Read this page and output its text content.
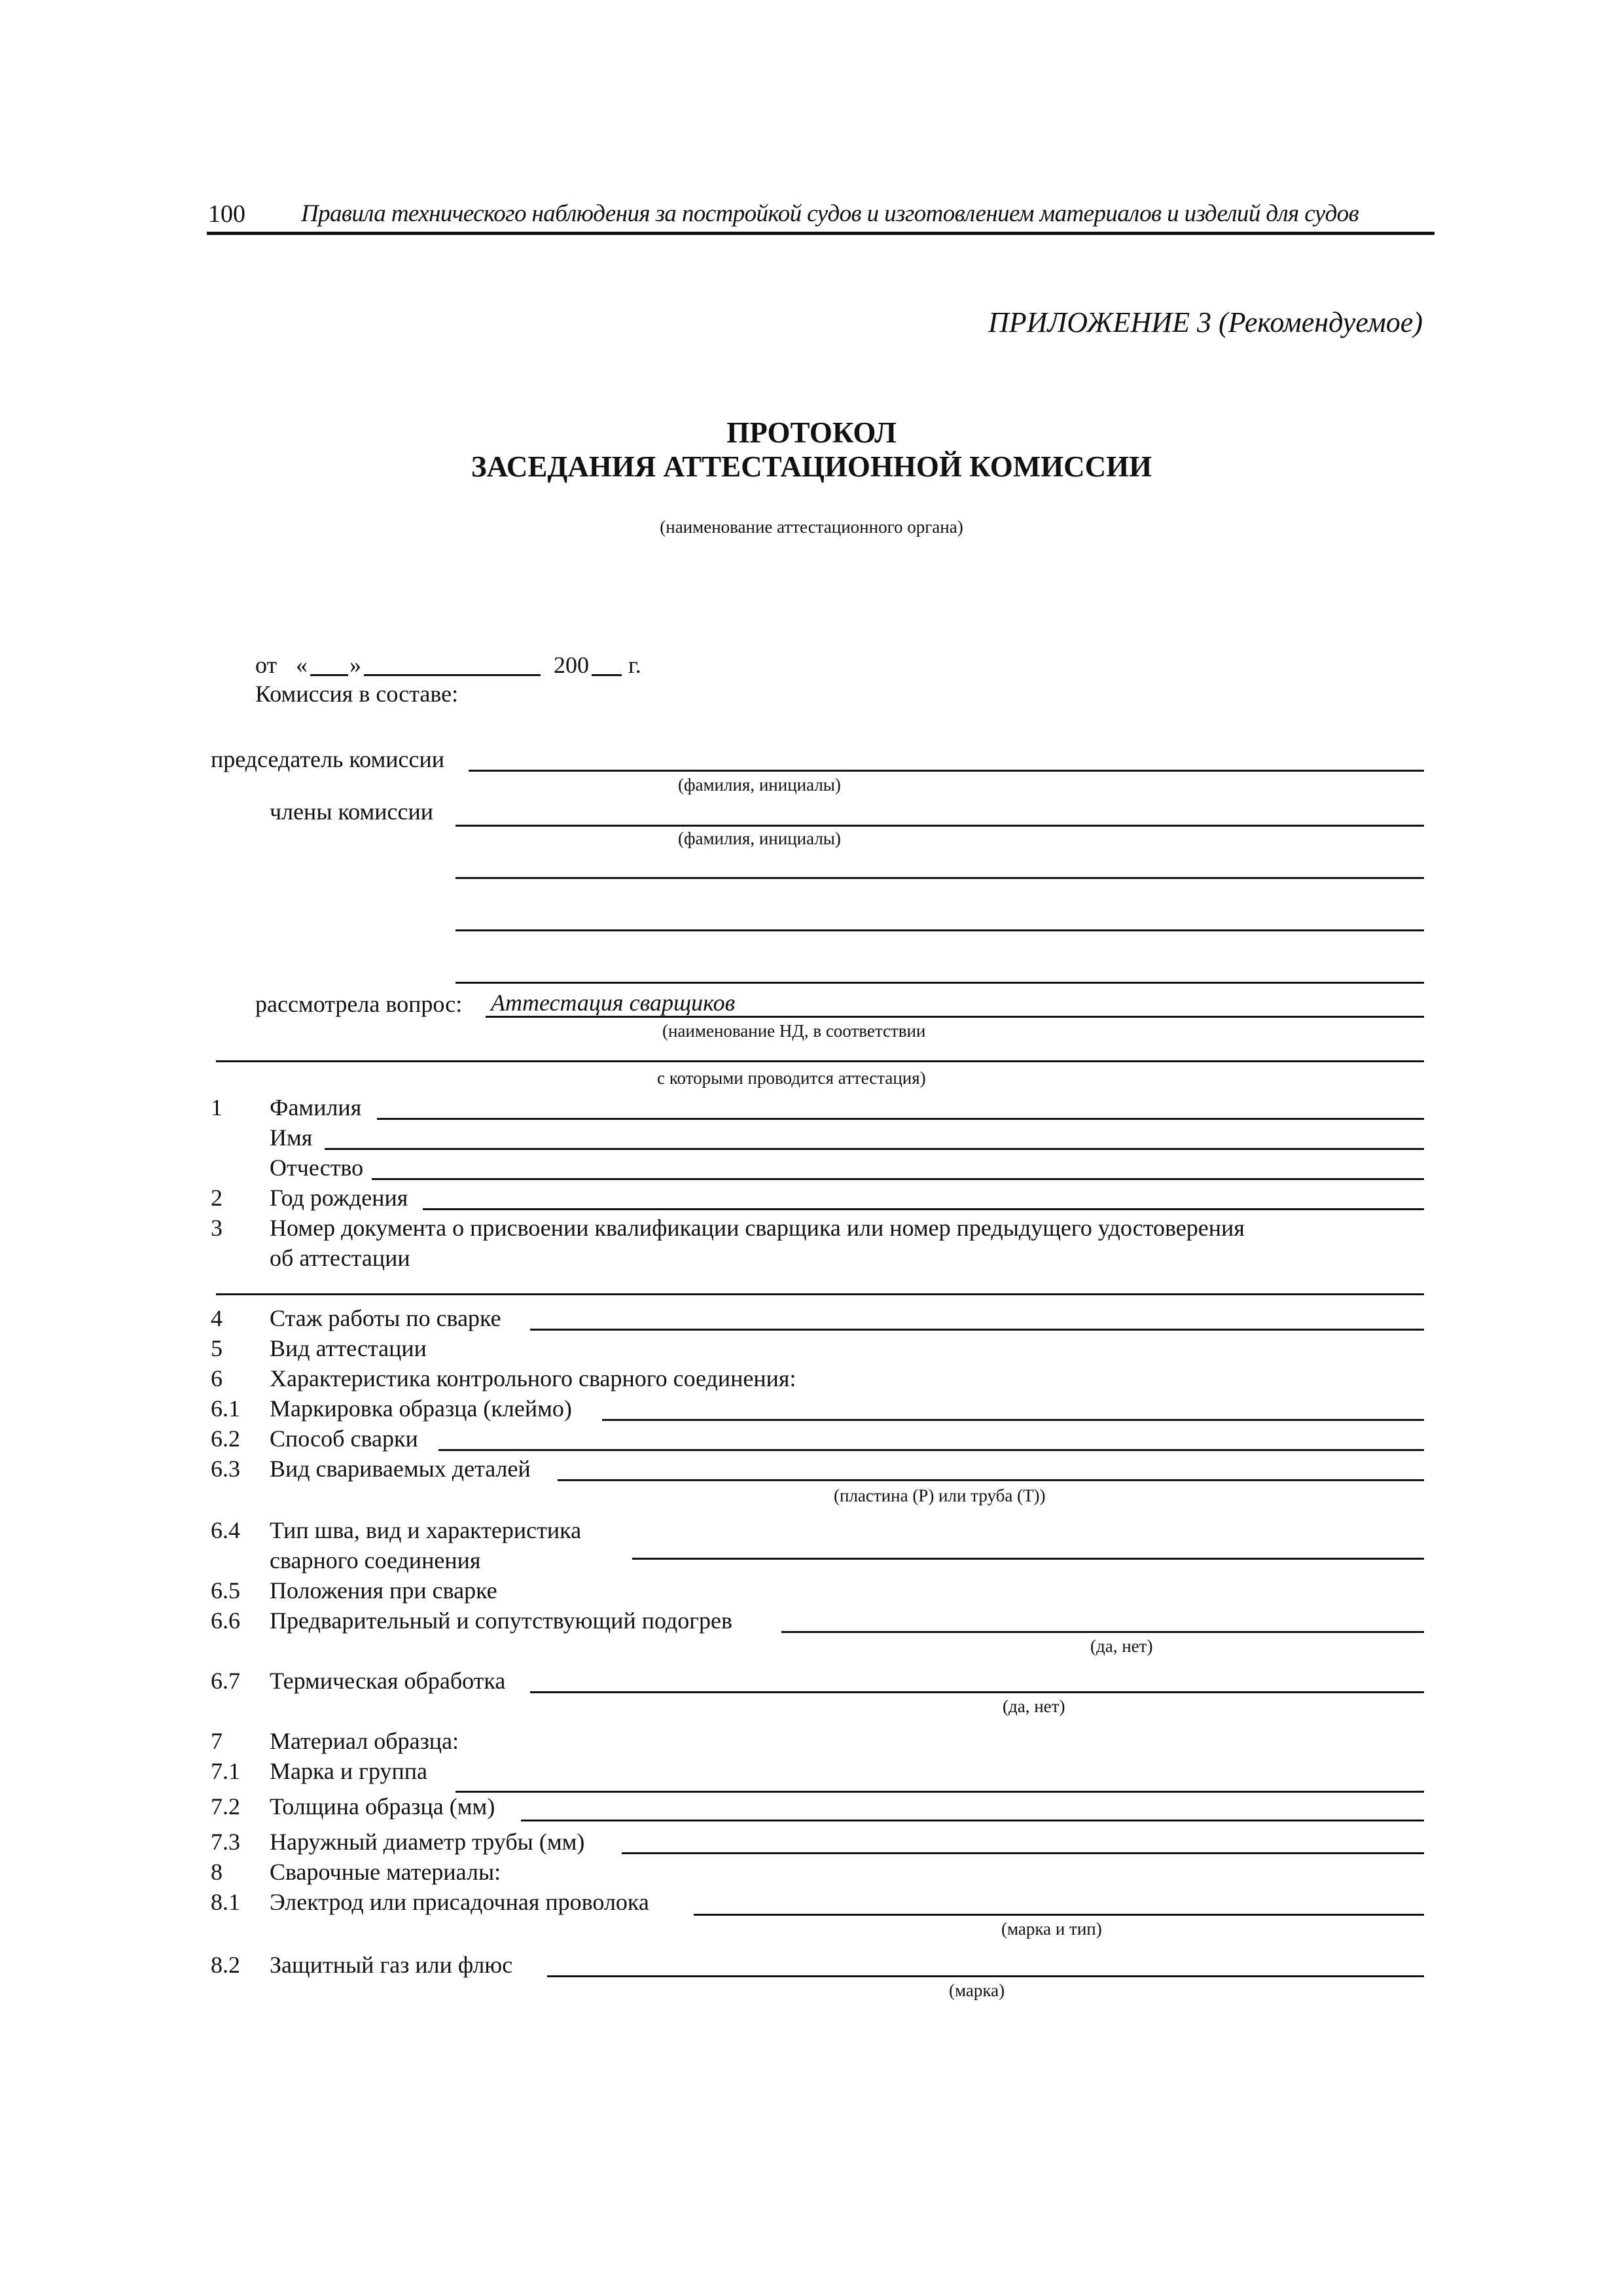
100 Правила технического наблюдения за постройкой судов и изготовлением материалов и изделий для судов
ПРИЛОЖЕНИЕ 3 (Рекомендуемое)
ПРОТОКОЛ
ЗАСЕДАНИЯ АТТЕСТАЦИОННОЙ КОМИССИИ
(наименование аттестационного органа)
от « »	200 г.
Комиссия в составе:
председатель комиссии
(фамилия, инициалы)
члены комиссии
(фамилия, инициалы)
рассмотрела вопрос: Аттестация сварщиков
(наименование НД, в соответствии
с которыми проводится аттестация)
1 Фамилия
Имя
Отчество
2 Год рождения
3 Номер документа о присвоении квалификации сварщика или номер предыдущего удостоверения
об аттестации
4 Стаж работы по сварке
5 Вид аттестации
6 Характеристика контрольного сварного соединения:
6.1 Маркировка образца (клеймо)
6.2 Способ сварки
6.3 Вид свариваемых деталей
(пластина (P) или труба (T))
6.4 Тип шва, вид и характеристика
сварного соединения
6.5 Положения при сварке
6.6 Предварительный и сопутствующий подогрев
(да, нет)
6.7 Термическая обработка
(да, нет)
7 Материал образца:
7.1 Марка и группа
7.2 Толщина образца (мм)
7.3 Наружный диаметр трубы (мм)
8 Сварочные материалы:
8.1 Электрод или присадочная проволока
(марка и тип)
8.2 Защитный газ или флюс
(марка)
